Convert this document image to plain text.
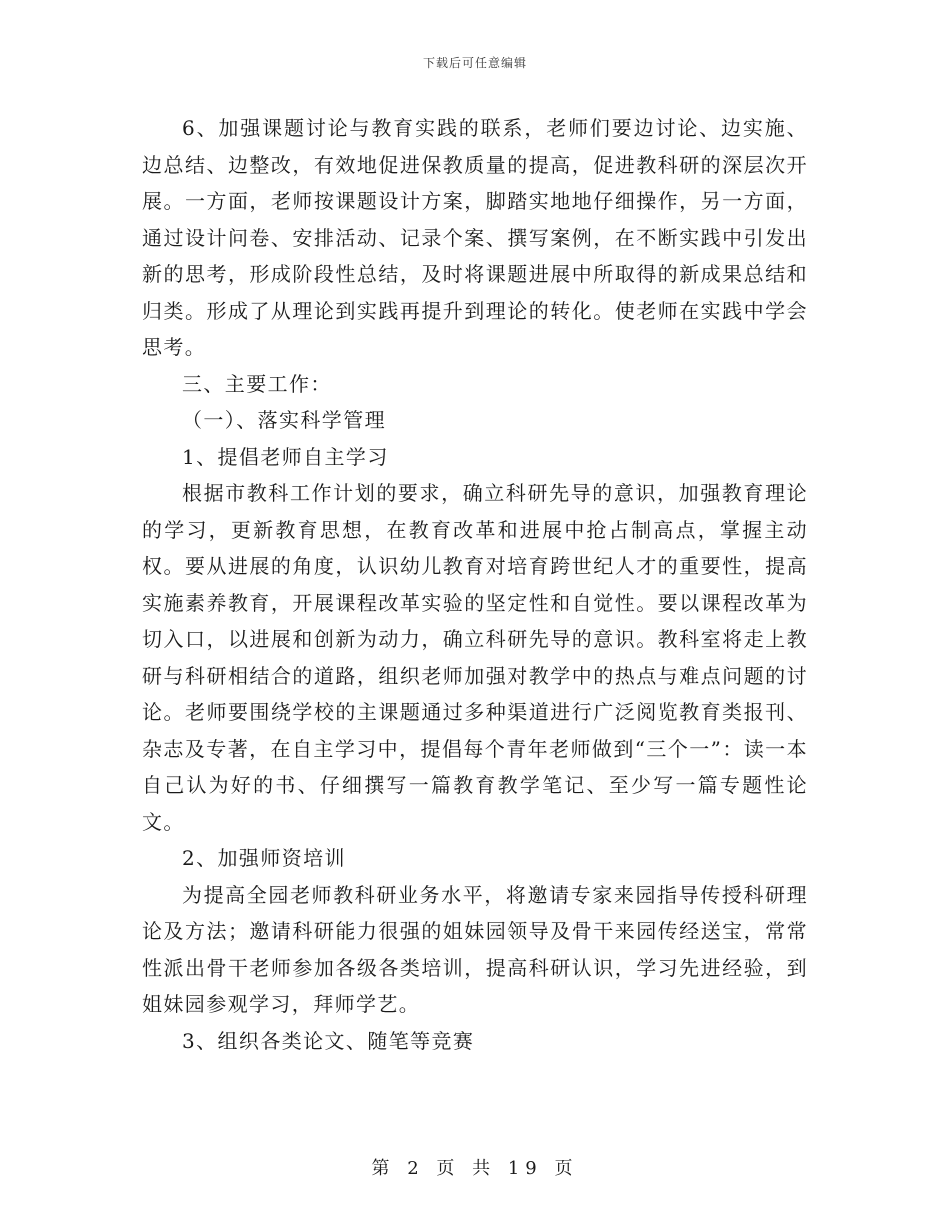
下载后可任意编辑

6、加强课题讨论与教育实践的联系，老师们要边讨论、边实施、边总结、边整改，有效地促进保教质量的提高，促进教科研的深层次开展。一方面，老师按课题设计方案，脚踏实地地仔细操作，另一方面，通过设计问卷、安排活动、记录个案、撰写案例，在不断实践中引发出新的思考，形成阶段性总结，及时将课题进展中所取得的新成果总结和归类。形成了从理论到实践再提升到理论的转化。使老师在实践中学会思考。

三、主要工作：

（一）、落实科学管理

1、提倡老师自主学习

根据市教科工作计划的要求，确立科研先导的意识，加强教育理论的学习，更新教育思想，在教育改革和进展中抢占制高点，掌握主动权。要从进展的角度，认识幼儿教育对培育跨世纪人才的重要性，提高实施素养教育，开展课程改革实验的坚定性和自觉性。要以课程改革为切入口，以进展和创新为动力，确立科研先导的意识。教科室将走上教研与科研相结合的道路，组织老师加强对教学中的热点与难点问题的讨论。老师要围绕学校的主课题通过多种渠道进行广泛阅览教育类报刊、杂志及专著，在自主学习中，提倡每个青年老师做到“三个一”：读一本自己认为好的书、仔细撰写一篇教育教学笔记、至少写一篇专题性论文。

2、加强师资培训

为提高全园老师教科研业务水平，将邀请专家来园指导传授科研理论及方法；邀请科研能力很强的姐妹园领导及骨干来园传经送宝，常常性派出骨干老师参加各级各类培训，提高科研认识，学习先进经验，到姐妹园参观学习，拜师学艺。

3、组织各类论文、随笔等竞赛

第 2 页 共 19 页
